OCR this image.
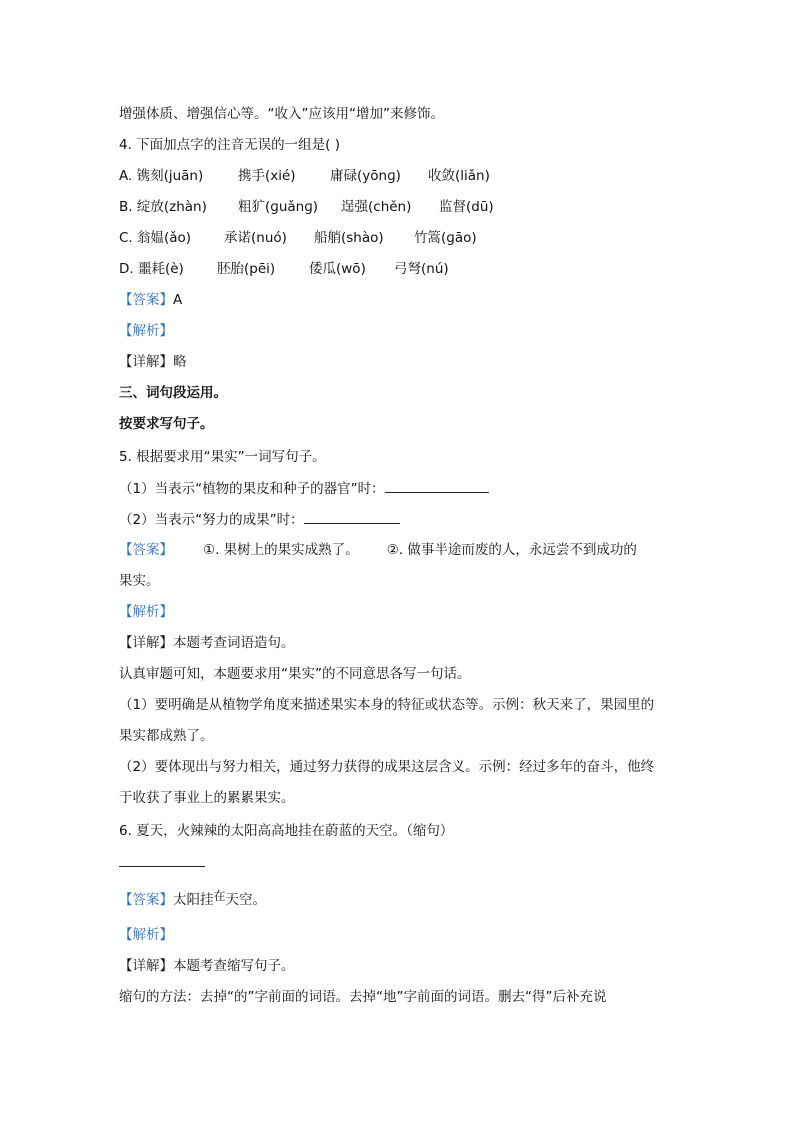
增强体质、增强信心等。“收入”应该用“增加”来修饰。
4. 下面加点字的注音无误的一组是( )
A. 镌刻(juān)	携手(xié)	庸碌(yōnɡ) 收敛(liǎn)
B. 绽放(zhàn) 粗犷(ɡuǎnɡ) 逞强(chěn) 监督(dū)
C. 翁媪(ǎo) 承诺(nuó) 船艄(shào) 竹篙(ɡāo)
D. 噩耗(è) 胚胎(pēi)	倭瓜(wō) 弓弩(nú)
【答案】A
【解析】
【详解】略
三、词句段运用。
按要求写句子。
5. 根据要求用“果实”一词写句子。
（1）当表示“植物的果皮和种子的器官”时：
（2）当表示“努力的成果”时：
【答案】 ①. 果树上的果实成熟了。 ②. 做事半途而废的人，永远尝不到成功的
果实。
【解析】
【详解】本题考查词语造句。
认真审题可知，本题要求用“果实”的不同意思各写一句话。
（1）要明确是从植物学角度来描述果实本身的特征或状态等。示例：秋天来了，果园里的
果实都成熟了。
（2）要体现出与努力相关，通过努力获得的成果这层含义。示例：经过多年的奋斗，他终
于收获了事业上的累累果实。
6. 夏天，火辣辣的太阳高高地挂在蔚蓝的天空。（缩句）
【答案】太阳挂在天空。
【解析】
【详解】本题考查缩写句子。
缩句的方法：去掉“的”字前面的词语。去掉“地”字前面的词语。删去“得”后补充说
